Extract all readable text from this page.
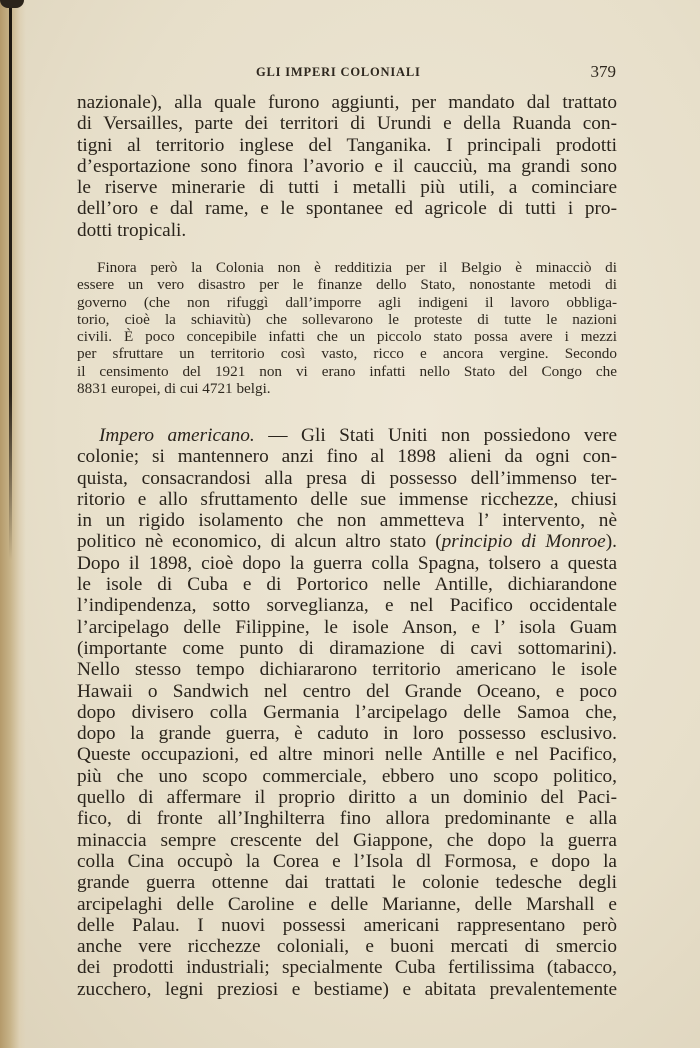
GLI IMPERI COLONIALI	379
nazionale), alla quale furono aggiunti, per mandato dal trattato
di Versailles, parte dei territori di Urundi e della Ruanda con-
tigni al territorio inglese del Tanganika. I principali prodotti
d’esportazione sono finora l’avorio e il caucciù, ma grandi sono
le riserve minerarie di tutti i metalli più utili, a cominciare
dell’oro e dal rame, e le spontanee ed agricole di tutti i pro-
dotti tropicali.
Finora però la Colonia non è redditizia per il Belgio è minacciò di
essere un vero disastro per le finanze dello Stato, nonostante metodi di
governo (che non rifuggì dall’imporre agli indigeni il lavoro obbliga-
torio, cioè la schiavitù) che sollevarono le proteste di tutte le nazioni
civili. È poco concepibile infatti che un piccolo stato possa avere i mezzi
per sfruttare un territorio così vasto, ricco e ancora vergine. Secondo
il censimento del 1921 non vi erano infatti nello Stato del Congo che
8831 europei, di cui 4721 belgi.
Impero americano. — Gli Stati Uniti non possiedono vere
colonie; si mantennero anzi fino al 1898 alieni da ogni con-
quista, consacrandosi alla presa di possesso dell’immenso ter-
ritorio e allo sfruttamento delle sue immense ricchezze, chiusi
in un rigido isolamento che non ammetteva l’ intervento, nè
politico nè economico, di alcun altro stato (principio di Monroe).
Dopo il 1898, cioè dopo la guerra colla Spagna, tolsero a questa
le isole di Cuba e di Portorico nelle Antille, dichiarandone
l’indipendenza, sotto sorveglianza, e nel Pacifico occidentale
l’arcipelago delle Filippine, le isole Anson, e l’ isola Guam
(importante come punto di diramazione di cavi sottomarini).
Nello stesso tempo dichiararono territorio americano le isole
Hawaii o Sandwich nel centro del Grande Oceano, e poco
dopo divisero colla Germania l’arcipelago delle Samoa che,
dopo la grande guerra, è caduto in loro possesso esclusivo.
Queste occupazioni, ed altre minori nelle Antille e nel Pacifico,
più che uno scopo commerciale, ebbero uno scopo politico,
quello di affermare il proprio diritto a un dominio del Paci-
fico, di fronte all’Inghilterra fino allora predominante e alla
minaccia sempre crescente del Giappone, che dopo la guerra
colla Cina occupò la Corea e l’Isola dl Formosa, e dopo la
grande guerra ottenne dai trattati le colonie tedesche degli
arcipelaghi delle Caroline e delle Marianne, delle Marshall e
delle Palau. I nuovi possessi americani rappresentano però
anche vere ricchezze coloniali, e buoni mercati di smercio
dei prodotti industriali; specialmente Cuba fertilissima (tabacco,
zucchero, legni preziosi e bestiame) e abitata prevalentemente
